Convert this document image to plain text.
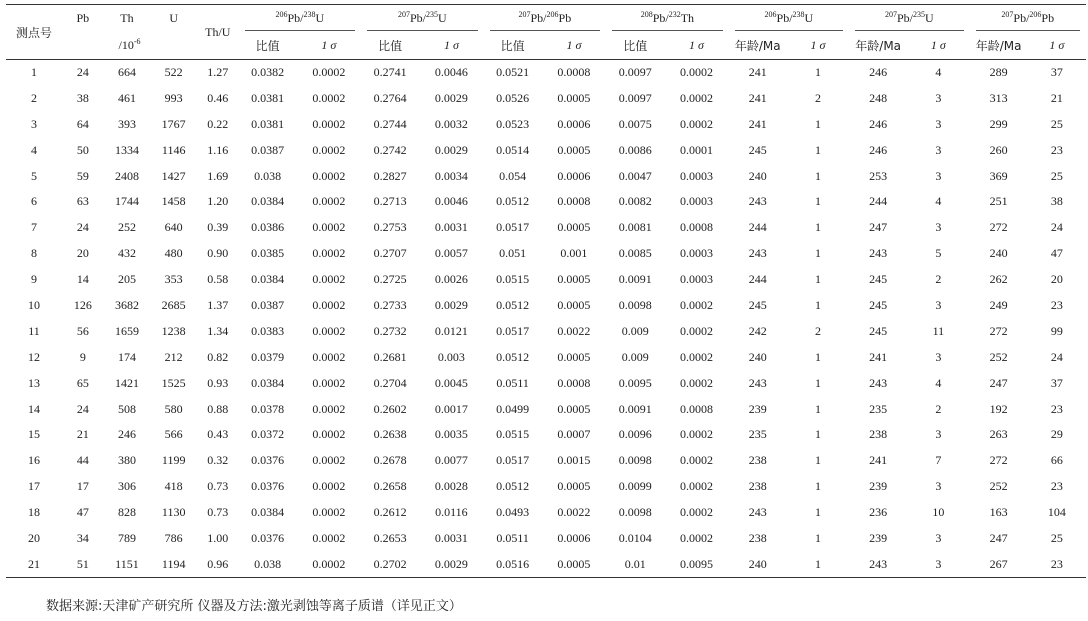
测点号	Pb	Th	U	Th/U	$^{206}$Pb/$^{238}$U		$^{207}$Pb/$^{235}$U		$^{207}$Pb/$^{206}$Pb		$^{208}$Pb/$^{232}$Th		$^{206}$Pb/$^{238}$U		$^{207}$Pb/$^{235}$U		$^{207}$Pb/$^{206}$Pb	
	$/10^{-6}$				比值	1 σ	比值	1 σ	比值	1 σ	比值	1 σ	年龄/Ma	1 σ	年龄/Ma	1 σ	年龄/Ma	1 σ
1	24	664	522	1.27	0.0382	0.0002	0.2741	0.0046	0.0521	0.0008	0.0097	0.0002	241	1	246	4	289	37
2	38	461	993	0.46	0.0381	0.0002	0.2764	0.0029	0.0526	0.0005	0.0097	0.0002	241	2	248	3	313	21
3	64	393	1767	0.22	0.0381	0.0002	0.2744	0.0032	0.0523	0.0006	0.0075	0.0002	241	1	246	3	299	25
4	50	1334	1146	1.16	0.0387	0.0002	0.2742	0.0029	0.0514	0.0005	0.0086	0.0001	245	1	246	3	260	23
5	59	2408	1427	1.69	0.038	0.0002	0.2827	0.0034	0.054	0.0006	0.0047	0.0003	240	1	253	3	369	25
6	63	1744	1458	1.20	0.0384	0.0002	0.2713	0.0046	0.0512	0.0008	0.0082	0.0003	243	1	244	4	251	38
7	24	252	640	0.39	0.0386	0.0002	0.2753	0.0031	0.0517	0.0005	0.0081	0.0008	244	1	247	3	272	24
8	20	432	480	0.90	0.0385	0.0002	0.2707	0.0057	0.051	0.001	0.0085	0.0003	243	1	243	5	240	47
9	14	205	353	0.58	0.0384	0.0002	0.2725	0.0026	0.0515	0.0005	0.0091	0.0003	244	1	245	2	262	20
10	126	3682	2685	1.37	0.0387	0.0002	0.2733	0.0029	0.0512	0.0005	0.0098	0.0002	245	1	245	3	249	23
11	56	1659	1238	1.34	0.0383	0.0002	0.2732	0.0121	0.0517	0.0022	0.009	0.0002	242	2	245	11	272	99
12	9	174	212	0.82	0.0379	0.0002	0.2681	0.003	0.0512	0.0005	0.009	0.0002	240	1	241	3	252	24
13	65	1421	1525	0.93	0.0384	0.0002	0.2704	0.0045	0.0511	0.0008	0.0095	0.0002	243	1	243	4	247	37
14	24	508	580	0.88	0.0378	0.0002	0.2602	0.0017	0.0499	0.0005	0.0091	0.0008	239	1	235	2	192	23
15	21	246	566	0.43	0.0372	0.0002	0.2638	0.0035	0.0515	0.0007	0.0096	0.0002	235	1	238	3	263	29
16	44	380	1199	0.32	0.0376	0.0002	0.2678	0.0077	0.0517	0.0015	0.0098	0.0002	238	1	241	7	272	66
17	17	306	418	0.73	0.0376	0.0002	0.2658	0.0028	0.0512	0.0005	0.0099	0.0002	238	1	239	3	252	23
18	47	828	1130	0.73	0.0384	0.0002	0.2612	0.0116	0.0493	0.0022	0.0098	0.0002	243	1	236	10	163	104
20	34	789	786	1.00	0.0376	0.0002	0.2653	0.0031	0.0511	0.0006	0.0104	0.0002	238	1	239	3	247	25
21	51	1151	1194	0.96	0.038	0.0002	0.2702	0.0029	0.0516	0.0005	0.01	0.0095	240	1	243	3	267	23
数据来源:天津矿产研究所 仪器及方法:激光剥蚀等离子质谱（详见正文）
